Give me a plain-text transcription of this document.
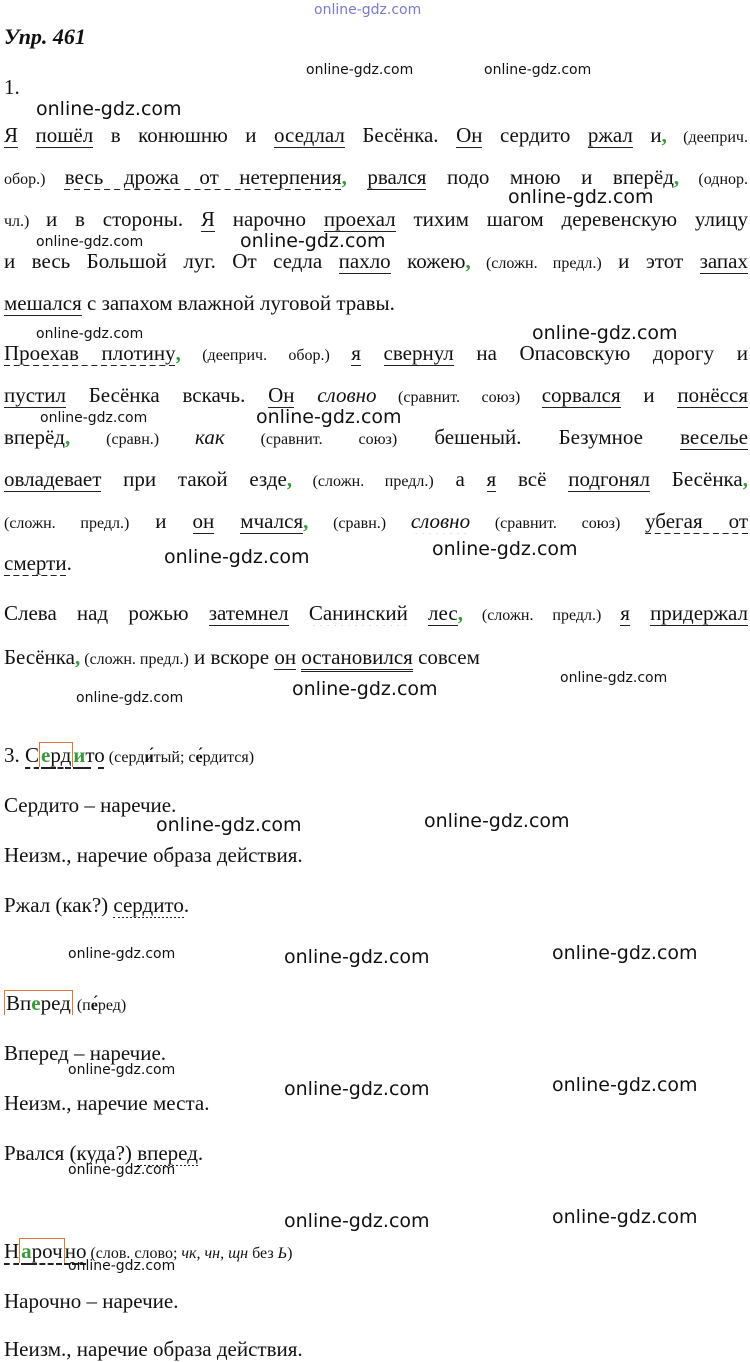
online-gdz.com
Упр. 461
1.
Я пошёл в конюшню и оседлал Бесёнка. Он сердито ржал и, (дееприч.
обор.) весь дрожа от нетерпения, рвался подо мною и вперёд, (однор.
чл.) и в стороны. Я нарочно проехал тихим шагом деревенскую улицу
и весь Большой луг. От седла пахло кожею, (сложн. предл.) и этот запах
мешался с запахом влажной луговой травы.
Проехав плотину, (дееприч. обор.) я свернул на Опасовскую дорогу и
пустил Бесёнка вскачь. Он словно (сравнит. союз) сорвался и понёсся
вперёд, (сравн.) как (сравнит. союз) бешеный. Безумное веселье
овладевает при такой езде, (сложн. предл.) а я всё подгонял Бесёнка,
(сложн. предл.) и он мчался, (сравн.) словно (сравнит. союз) убегая от
смерти.
Слева над рожью затемнел Санинский лес, (сложн. предл.) я придержал
Бесёнка, (сложн. предл.) и вскоре он остановился совсем
3. Сердито (серди́тый; се́рдится)
Сердито – наречие.
Неизм., наречие образа действия.
Ржал (как?) сердито.
Вперед (пе́ред)
Вперед – наречие.
Неизм., наречие места.
Рвался (куда?) вперед.
Нарочно (слов. слово; чк, чн, щн без Ь)
Нарочно – наречие.
Неизм., наречие образа действия.
online-gdz.com	online-gdz.com
online-gdz.com
online-gdz.com
online-gdz.com	online-gdz.com
online-gdz.com	online-gdz.com
online-gdz.com	online-gdz.com
online-gdz.com
online-gdz.com
online-gdz.com
online-gdz.com
online-gdz.com
online-gdz.com
online-gdz.com
online-gdz.com	online-gdz.com	online-gdz.com
online-gdz.com
online-gdz.com	online-gdz.com
online-gdz.com
online-gdz.com	online-gdz.com
online-gdz.com
